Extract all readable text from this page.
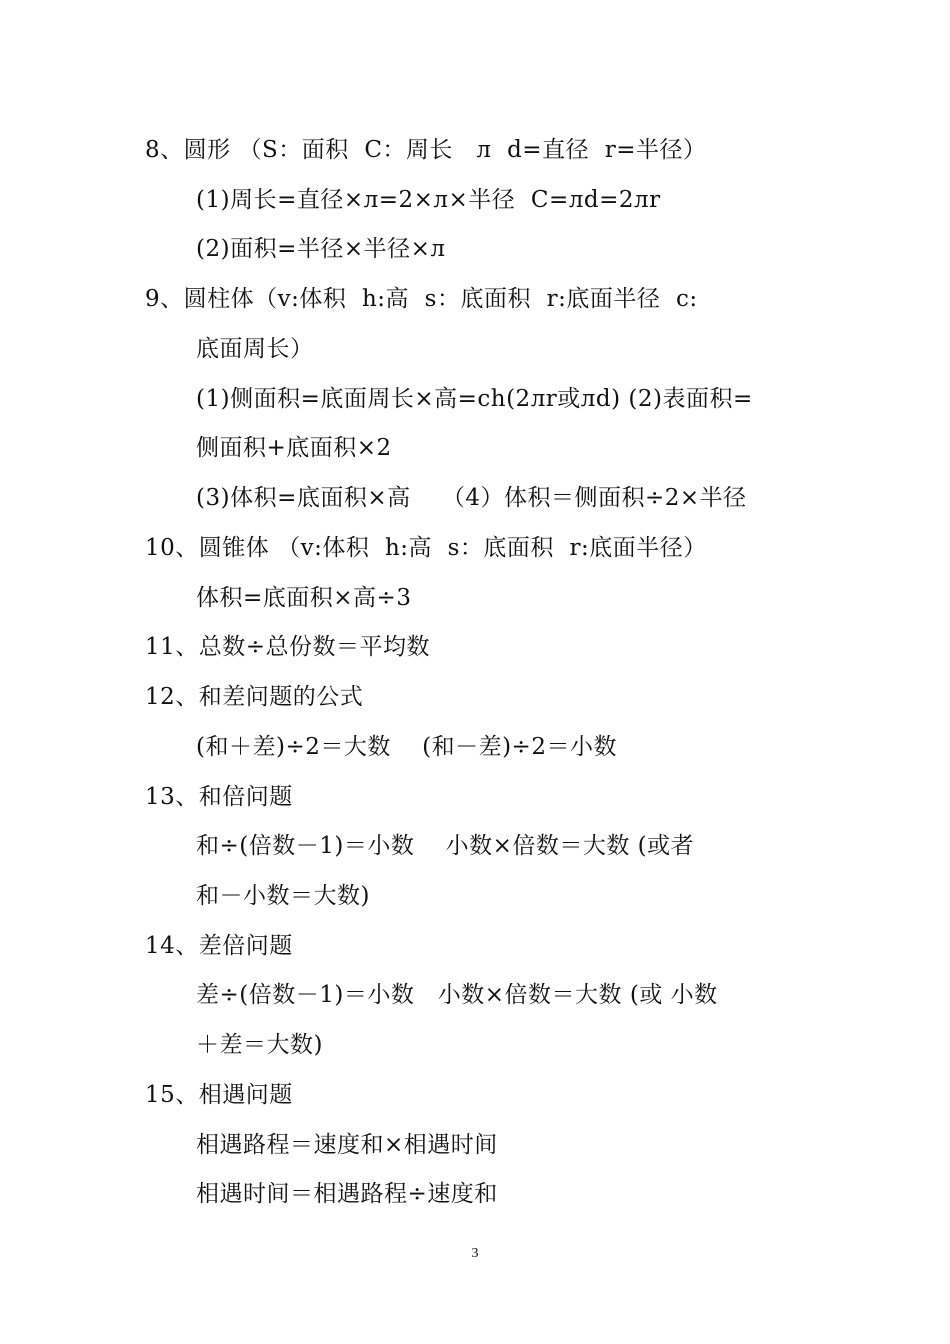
8、圆形 （S：面积  C：周长   л  d=直径  r=半径）
(1)周长=直径×л=2×л×半径  C=лd=2лr
(2)面积=半径×半径×л
9、圆柱体（v:体积  h:高  s：底面积  r:底面半径  c:
底面周长）
(1)侧面积=底面周长×高=ch(2лr或лd) (2)表面积=
侧面积+底面积×2
(3)体积=底面积×高    （4）体积＝侧面积÷2×半径
10、圆锥体 （v:体积  h:高  s：底面积  r:底面半径）
体积=底面积×高÷3
11、总数÷总份数＝平均数
12、和差问题的公式
(和＋差)÷2＝大数    (和－差)÷2＝小数
13、和倍问题
和÷(倍数－1)＝小数    小数×倍数＝大数 (或者
和－小数＝大数)
14、差倍问题
差÷(倍数－1)＝小数   小数×倍数＝大数 (或 小数
＋差＝大数)
15、相遇问题
相遇路程＝速度和×相遇时间
相遇时间＝相遇路程÷速度和
3
